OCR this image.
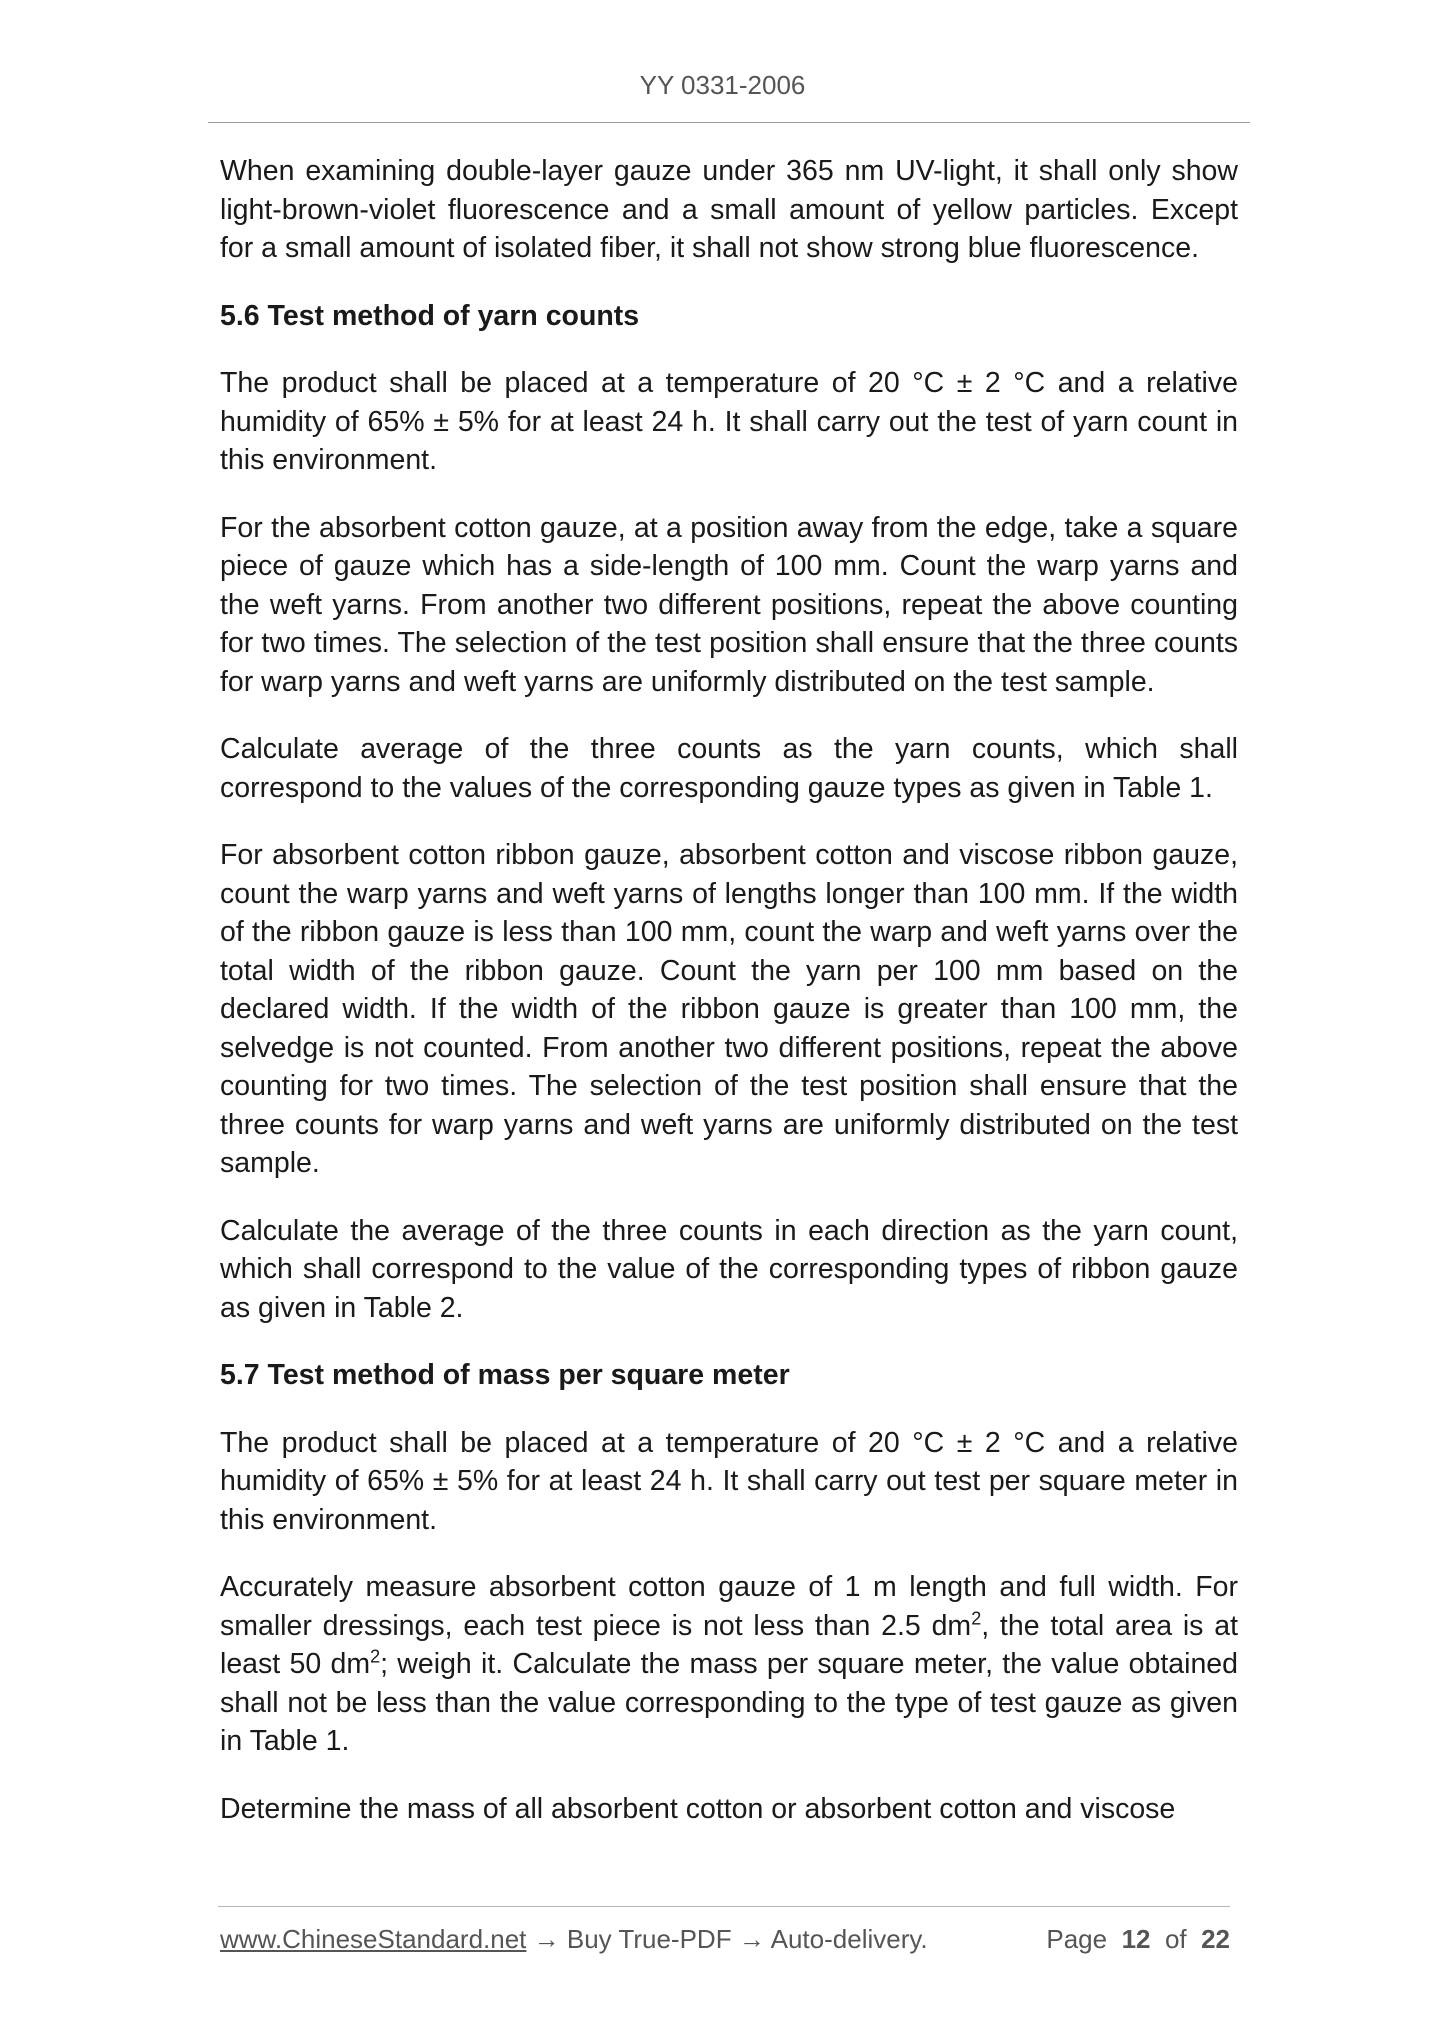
YY 0331-2006

When examining double-layer gauze under 365 nm UV-light, it shall only show light-brown-violet fluorescence and a small amount of yellow particles. Except for a small amount of isolated fiber, it shall not show strong blue fluorescence.

5.6 Test method of yarn counts

The product shall be placed at a temperature of 20 °C ± 2 °C and a relative humidity of 65% ± 5% for at least 24 h. It shall carry out the test of yarn count in this environment.

For the absorbent cotton gauze, at a position away from the edge, take a square piece of gauze which has a side-length of 100 mm. Count the warp yarns and the weft yarns. From another two different positions, repeat the above counting for two times. The selection of the test position shall ensure that the three counts for warp yarns and weft yarns are uniformly distributed on the test sample.

Calculate average of the three counts as the yarn counts, which shall correspond to the values of the corresponding gauze types as given in Table 1.

For absorbent cotton ribbon gauze, absorbent cotton and viscose ribbon gauze, count the warp yarns and weft yarns of lengths longer than 100 mm. If the width of the ribbon gauze is less than 100 mm, count the warp and weft yarns over the total width of the ribbon gauze. Count the yarn per 100 mm based on the declared width. If the width of the ribbon gauze is greater than 100 mm, the selvedge is not counted. From another two different positions, repeat the above counting for two times. The selection of the test position shall ensure that the three counts for warp yarns and weft yarns are uniformly distributed on the test sample.

Calculate the average of the three counts in each direction as the yarn count, which shall correspond to the value of the corresponding types of ribbon gauze as given in Table 2.

5.7 Test method of mass per square meter

The product shall be placed at a temperature of 20 °C ± 2 °C and a relative humidity of 65% ± 5% for at least 24 h. It shall carry out test per square meter in this environment.

Accurately measure absorbent cotton gauze of 1 m length and full width. For smaller dressings, each test piece is not less than 2.5 $dm^2$, the total area is at least 50 $dm^2$; weigh it. Calculate the mass per square meter, the value obtained shall not be less than the value corresponding to the type of test gauze as given in Table 1.

Determine the mass of all absorbent cotton or absorbent cotton and viscose

www.ChineseStandard.net → Buy True-PDF → Auto-delivery.	Page 12 of 22
